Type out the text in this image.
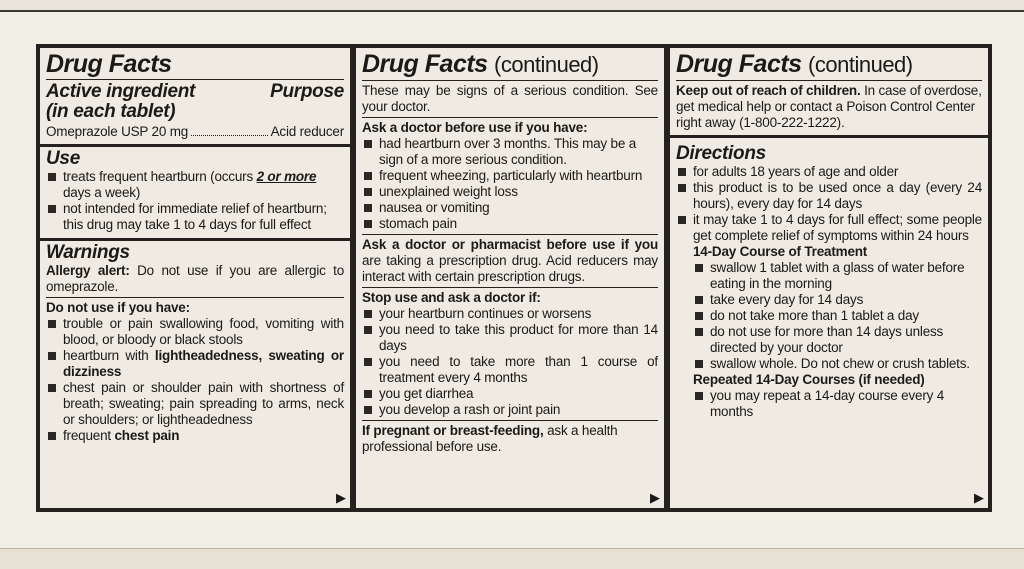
Drug Facts
Active ingredient	Purpose
(in each tablet)
Omeprazole USP 20 mg	Acid reducer
Use
treats frequent heartburn (occurs 2 or more days a week)
not intended for immediate relief of heartburn; this drug may take 1 to 4 days for full effect
Warnings
Allergy alert: Do not use if you are allergic to omeprazole.
Do not use if you have:
trouble or pain swallowing food, vomiting with blood, or bloody or black stools
heartburn with lightheadedness, sweating or dizziness
chest pain or shoulder pain with shortness of breath; sweating; pain spreading to arms, neck or shoulders; or lightheadedness
frequent chest pain
▶
Drug Facts (continued)
These may be signs of a serious condition. See your doctor.
Ask a doctor before use if you have:
had heartburn over 3 months. This may be a sign of a more serious condition.
frequent wheezing, particularly with heartburn
unexplained weight loss
nausea or vomiting
stomach pain
Ask a doctor or pharmacist before use if you are taking a prescription drug. Acid reducers may interact with certain prescription drugs.
Stop use and ask a doctor if:
your heartburn continues or worsens
you need to take this product for more than 14 days
you need to take more than 1 course of treatment every 4 months
you get diarrhea
you develop a rash or joint pain
If pregnant or breast-feeding, ask a health professional before use.
▶
Drug Facts (continued)
Keep out of reach of children. In case of overdose, get medical help or contact a Poison Control Center right away (1-800-222-1222).
Directions
for adults 18 years of age and older
this product is to be used once a day (every 24 hours), every day for 14 days
it may take 1 to 4 days for full effect; some people get complete relief of symptoms within 24 hours
14-Day Course of Treatment
swallow 1 tablet with a glass of water before eating in the morning
take every day for 14 days
do not take more than 1 tablet a day
do not use for more than 14 days unless directed by your doctor
swallow whole. Do not chew or crush tablets.
Repeated 14-Day Courses (if needed)
you may repeat a 14-day course every 4 months
▶
